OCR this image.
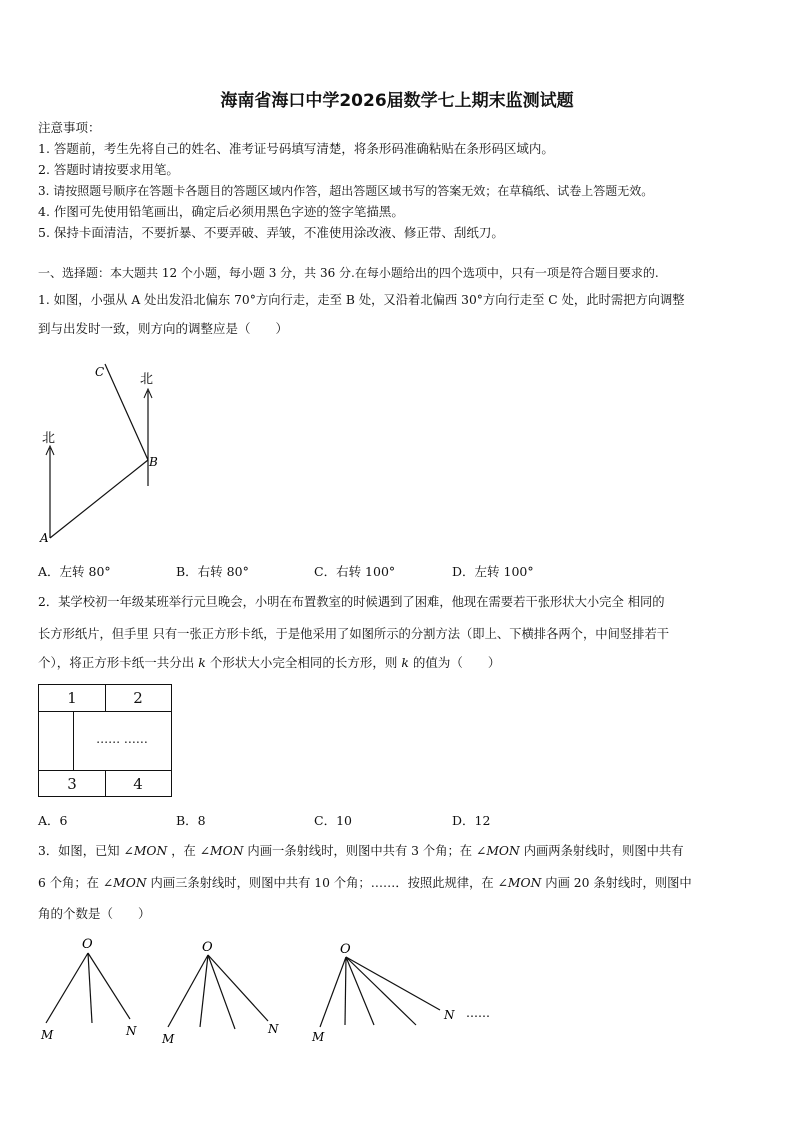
海南省海口中学2026届数学七上期末监测试题
注意事项：
1. 答题前，考生先将自己的姓名、准考证号码填写清楚，将条形码准确粘贴在条形码区域内。
2. 答题时请按要求用笔。
3. 请按照题号顺序在答题卡各题目的答题区域内作答，超出答题区域书写的答案无效；在草稿纸、试卷上答题无效。
4. 作图可先使用铅笔画出，确定后必须用黑色字迹的签字笔描黑。
5. 保持卡面清洁，不要折暴、不要弄破、弄皱，不准使用涂改液、修正带、刮纸刀。
一、选择题：本大题共 12 个小题，每小题 3 分，共 36 分.在每小题给出的四个选项中，只有一项是符合题目要求的.
1. 如图，小强从 A 处出发沿北偏东 70°方向行走，走至 B 处，又沿着北偏西 30°方向行走至 C 处，此时需把方向调整
到与出发时一致，则方向的调整应是（　　）
北
北
A
B
C
A．左转 80°	B．右转 80°	C．右转 100°	D．左转 100°
2．某学校初一年级某班举行元旦晚会，小明在布置教室的时候遇到了困难，他现在需要若干张形状大小完全 相同的
长方形纸片，但手里 只有一张正方形卡纸，于是他采用了如图所示的分割方法（即上、下横排各两个，中间竖排若干
个），将正方形卡纸一共分出 k 个形状大小完全相同的长方形，则 k 的值为（　　）
1	2
…… ……
3	4
A．6	B．8	C．10	D．12
3．如图，已知 ∠MON ，在 ∠MON 内画一条射线时，则图中共有 3 个角；在 ∠MON 内画两条射线时，则图中共有
6 个角；在 ∠MON 内画三条射线时，则图中共有 10 个角；……．按照此规律，在 ∠MON 内画 20 条射线时，则图中
角的个数是（　　）
O
M	N
O
M
N
O
M
N ……
